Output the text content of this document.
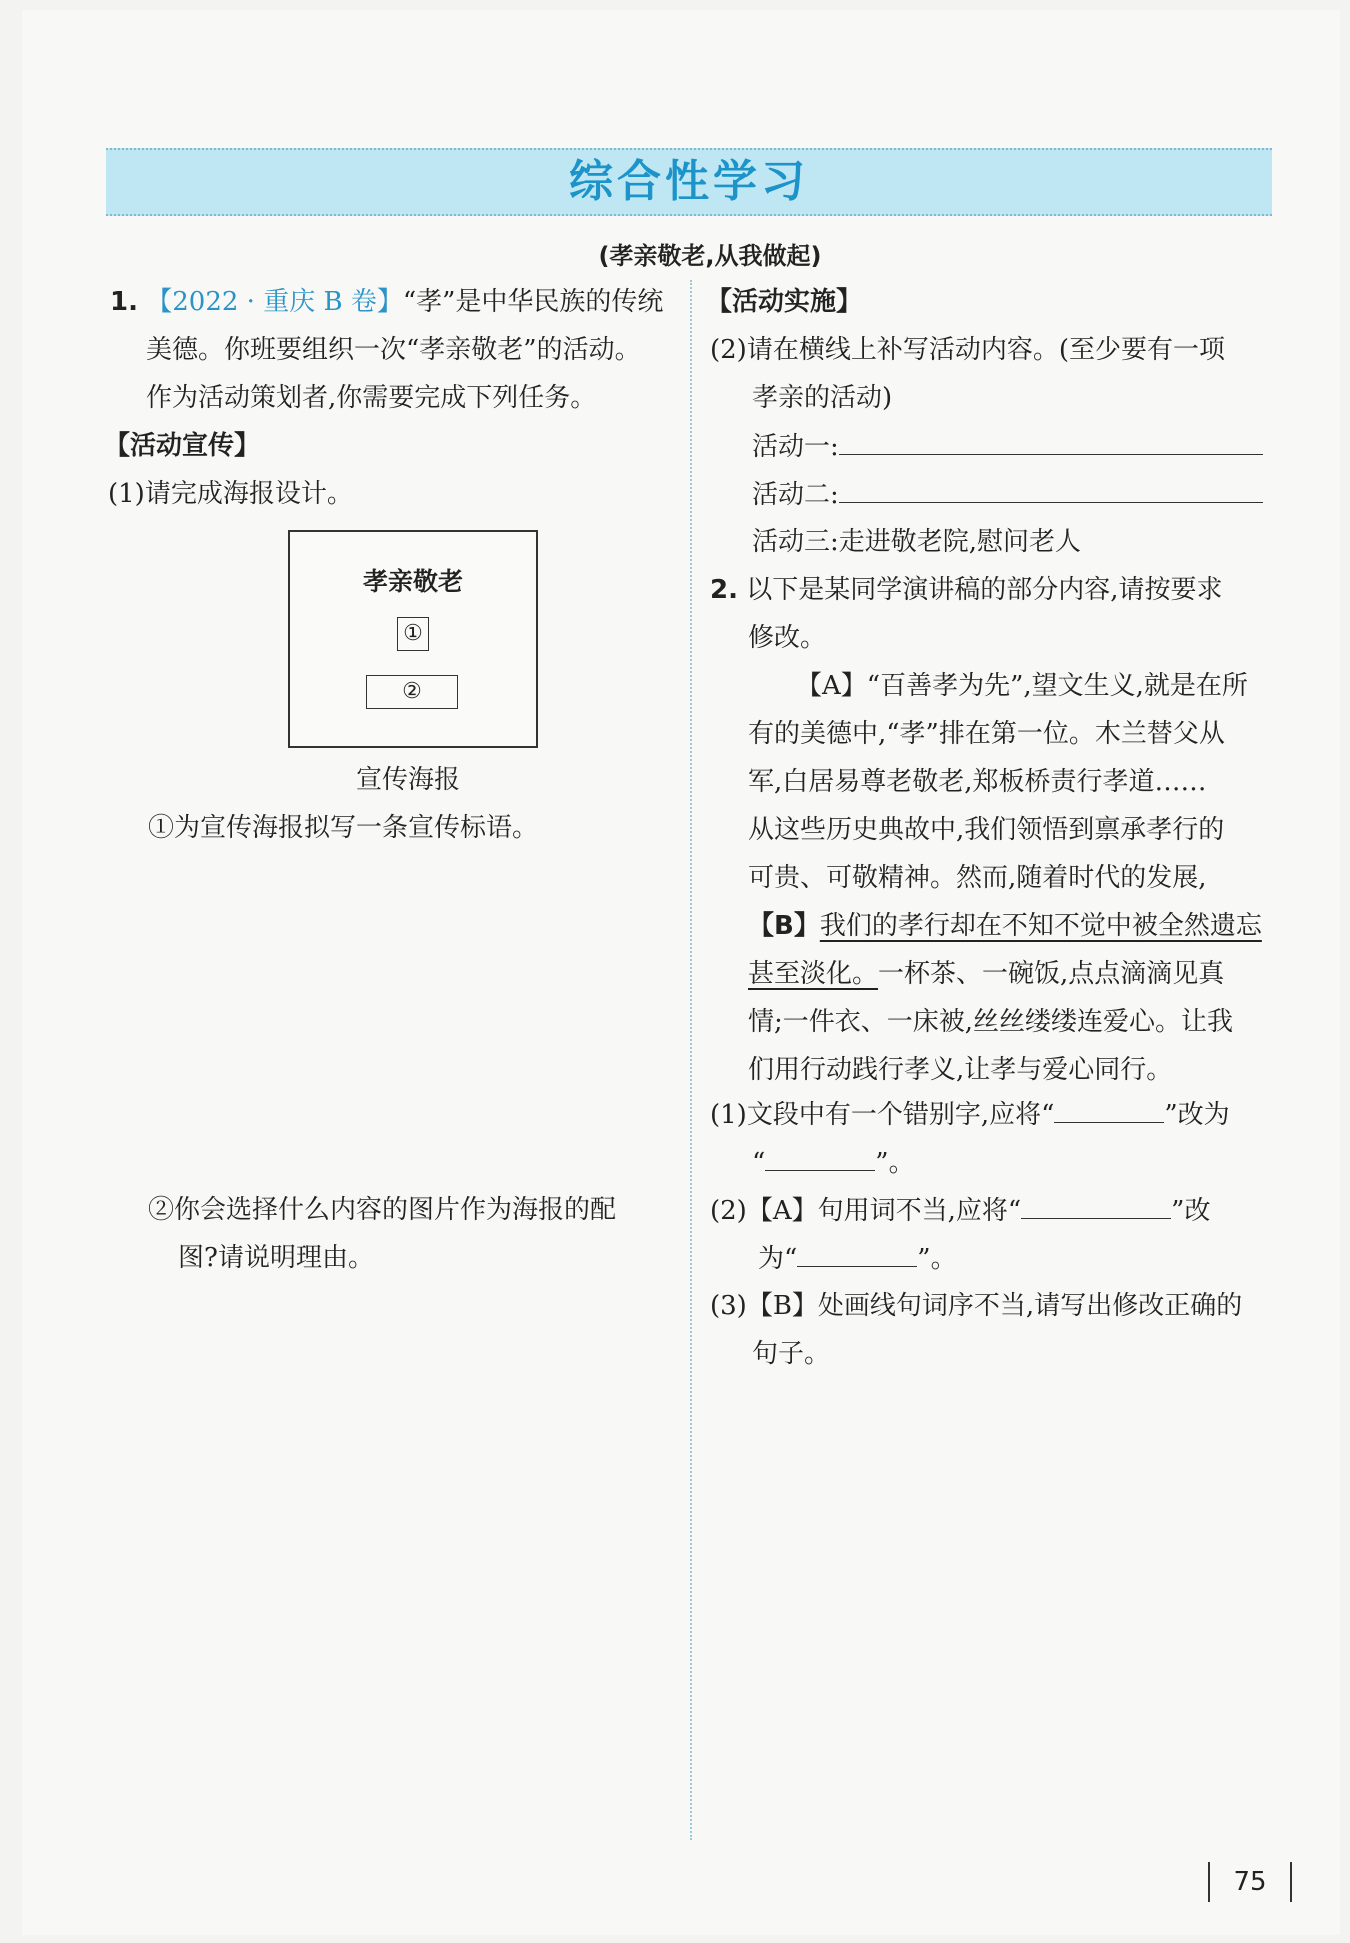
综合性学习
(孝亲敬老,从我做起)
1. 【2022 · 重庆 B 卷】“孝”是中华民族的传统
美德。你班要组织一次“孝亲敬老”的活动。
作为活动策划者,你需要完成下列任务。
【活动宣传】
(1)请完成海报设计。
孝亲敬老
①
②
宣传海报
①为宣传海报拟写一条宣传标语。
②你会选择什么内容的图片作为海报的配
图?请说明理由。
【活动实施】
(2)请在横线上补写活动内容。(至少要有一项
孝亲的活动)
活动一:
活动二:
活动三:走进敬老院,慰问老人
2. 以下是某同学演讲稿的部分内容,请按要求
修改。
【A】“百善孝为先”,望文生义,就是在所
有的美德中,“孝”排在第一位。木兰替父从
军,白居易尊老敬老,郑板桥责行孝道……
从这些历史典故中,我们领悟到禀承孝行的
可贵、可敬精神。然而,随着时代的发展,
【B】我们的孝行却在不知不觉中被全然遗忘
甚至淡化。一杯茶、一碗饭,点点滴滴见真
情;一件衣、一床被,丝丝缕缕连爱心。让我
们用行动践行孝义,让孝与爱心同行。
(1)文段中有一个错别字,应将“	”改为
“	”。
(2)【A】句用词不当,应将“	”改
为“	”。
(3)【B】处画线句词序不当,请写出修改正确的
句子。
75
